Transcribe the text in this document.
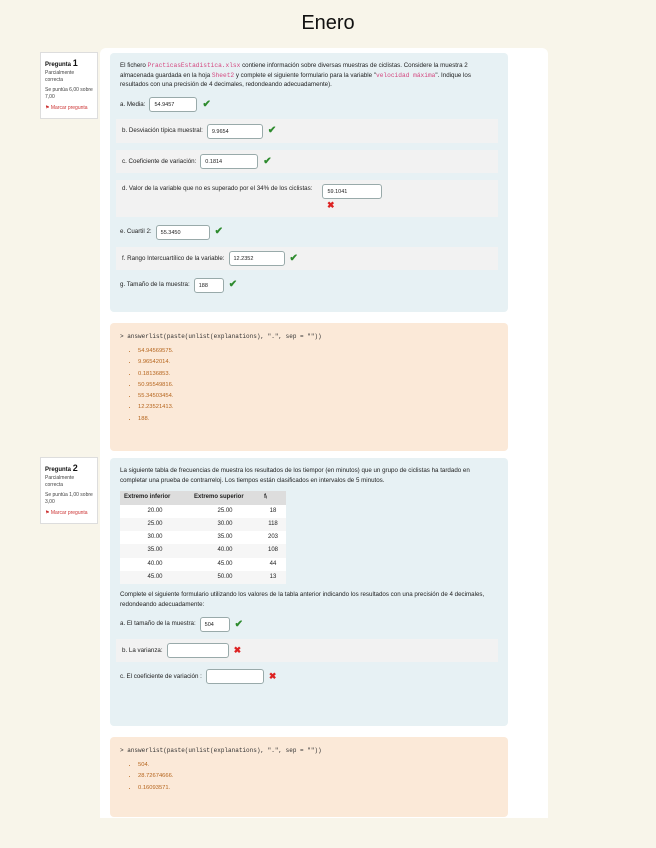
Enero
Pregunta 1
Parcialmente correcta
Se puntúa 6,00 sobre 7,00
⚑ Marcar pregunta
El fichero PracticasEstadistica.xlsx contiene información sobre diversas muestras de ciclistas. Considere la muestra 2 almacenada guardada en la hoja Sheet2 y complete el siguiente formulario para la variable "velocidad máxima". Indique los resultados con una precisión de 4 decimales, redondeando adecuadamente).
a. Media:	54.9457	✔
b. Desviación típica muestral:	9.9654	✔
c. Coeficiente de variación:	0.1814	✔
d. Valor de la variable que no es superado por el 34% de los ciclistas:	59.1041
✖
e. Cuartil 2:	55.3450	✔
f. Rango Intercuartílico de la variable:	12.2352	✔
g. Tamaño de la muestra:	188	✔
> answerlist(paste(unlist(explanations), ".", sep = ""))
• 54.94569575.
• 9.96542014.
• 0.18136853.
• 50.95549816.
• 55.34503454.
• 12.23521413.
• 188.
Pregunta 2
Parcialmente correcta
Se puntúa 1,00 sobre 3,00
⚑ Marcar pregunta
La siguiente tabla de frecuencias de muestra los resultados de los tiempor (en minutos) que un grupo de ciclistas ha tardado en completar una prueba de contrarreloj. Los tiempos están clasificados en intervalos de 5 minutos.
Extremo inferior	Extremo superior	fᵢ
20.00	25.00	18
25.00	30.00	118
30.00	35.00	203
35.00	40.00	108
40.00	45.00	44
45.00	50.00	13
Complete el siguiente formulario utilizando los valores de la tabla anterior indicando los resultados con una precisión de 4 decimales, redondeando adecuadamente:
a. El tamaño de la muestra:	504	✔
b. La varianza:	✖
c. El coeficiente de variación :	✖
> answerlist(paste(unlist(explanations), ".", sep = ""))
• 504.
• 28.72674666.
• 0.16093571.
